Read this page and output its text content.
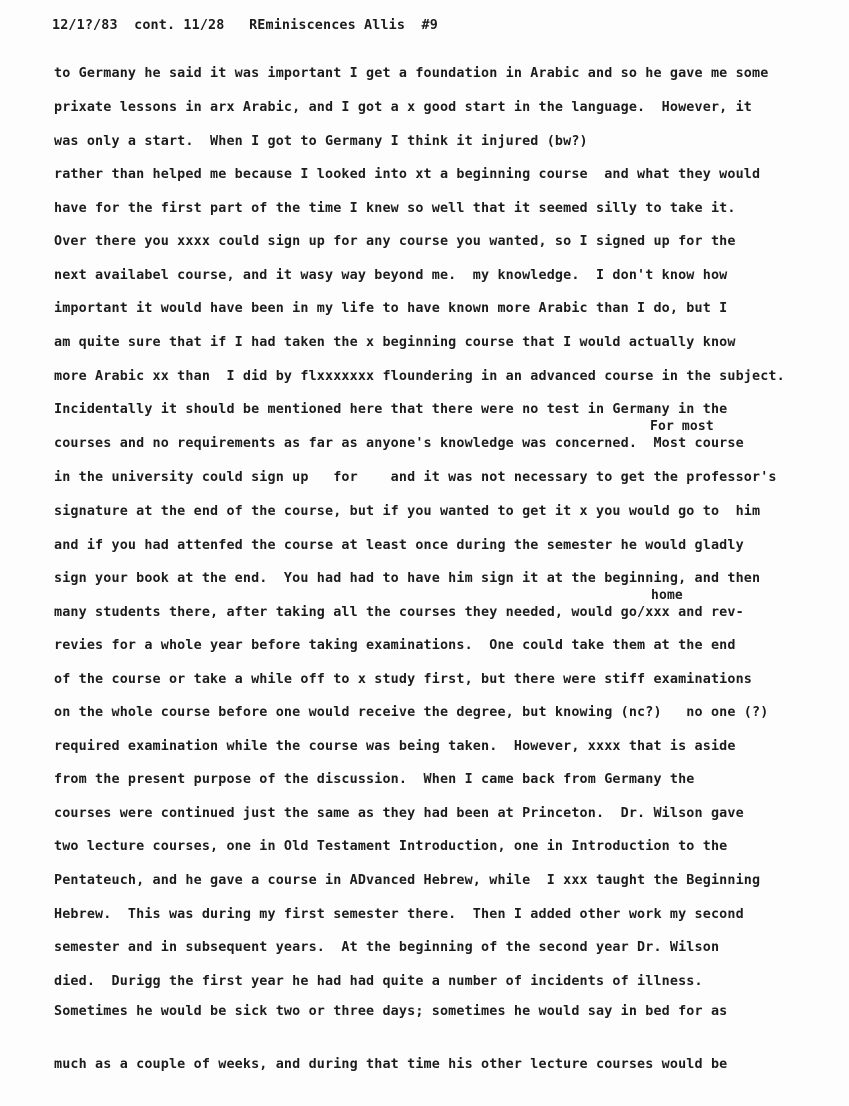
12/1?/83  cont. 11/28   REminiscences Allis  #9
to Germany he said it was important I get a foundation in Arabic and so he gave me some
prixate lessons in arx Arabic, and I got a x good start in the language.  However, it
was only a start.  When I got to Germany I think it injured (bw?)
rather than helped me because I looked into xt a beginning course  and what they would
have for the first part of the time I knew so well that it seemed silly to take it.
Over there you xxxx could sign up for any course you wanted, so I signed up for the
next availabel course, and it wasy way beyond me.  my knowledge.  I don't know how
important it would have been in my life to have known more Arabic than I do, but I
am quite sure that if I had taken the x beginning course that I would actually know
more Arabic xx than  I did by flxxxxxxx floundering in an advanced course in the subject.
Incidentally it should be mentioned here that there were no test in Germany in the
For most
courses and no requirements as far as anyone's knowledge was concerned.  Most course
in the university could sign up   for    and it was not necessary to get the professor's
signature at the end of the course, but if you wanted to get it x you would go to  him
and if you had attenfed the course at least once during the semester he would gladly
sign your book at the end.  You had had to have him sign it at the beginning, and then
home
many students there, after taking all the courses they needed, would go/xxx and rev-
revies for a whole year before taking examinations.  One could take them at the end
of the course or take a while off to x study first, but there were stiff examinations
on the whole course before one would receive the degree, but knowing (nc?)   no one (?)
required examination while the course was being taken.  However, xxxx that is aside
from the present purpose of the discussion.  When I came back from Germany the
courses were continued just the same as they had been at Princeton.  Dr. Wilson gave
two lecture courses, one in Old Testament Introduction, one in Introduction to the
Pentateuch, and he gave a course in ADvanced Hebrew, while  I xxx taught the Beginning
Hebrew.  This was during my first semester there.  Then I added other work my second
semester and in subsequent years.  At the beginning of the second year Dr. Wilson
died.  Durigg the first year he had had quite a number of incidents of illness.
Sometimes he would be sick two or three days; sometimes he would say in bed for as
much as a couple of weeks, and during that time his other lecture courses would be
